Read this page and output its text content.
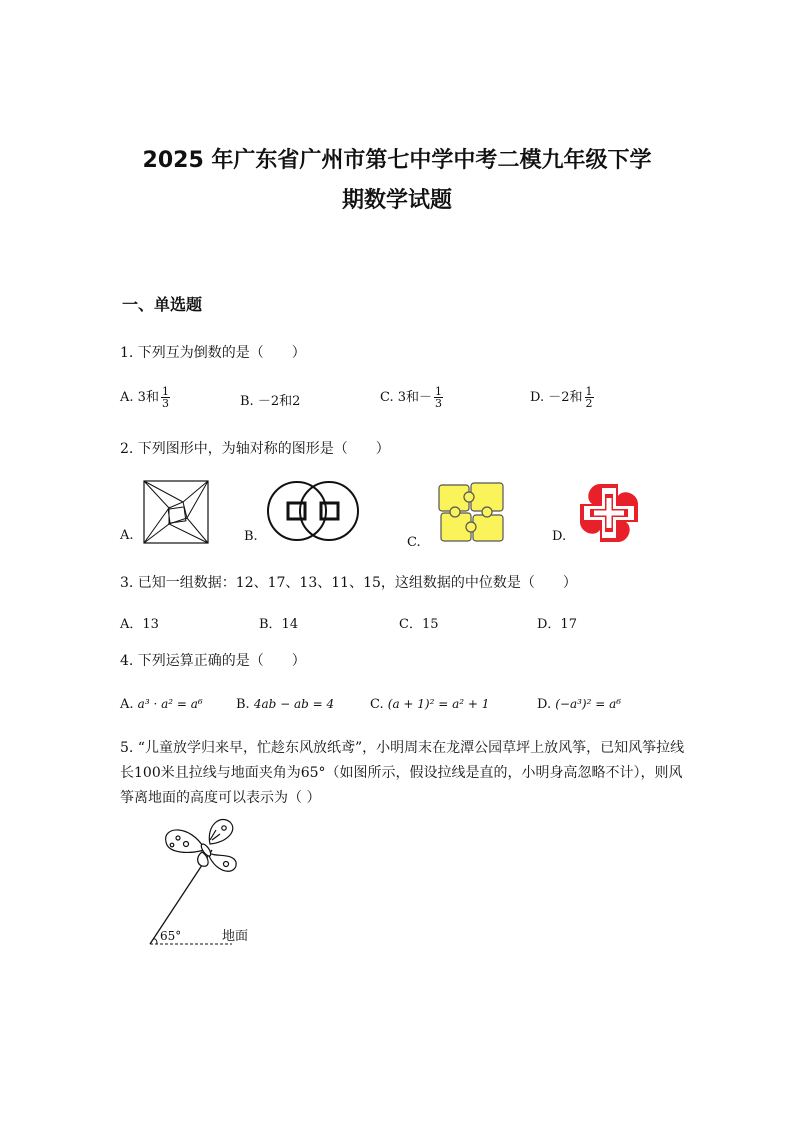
2025 年广东省广州市第七中学中考二模九年级下学
期数学试题
一、单选题
1. 下列互为倒数的是（　　）
A. 3和 $\frac{1}{3}$	B. －2和2	C. 3和－ $\frac{1}{3}$	D. －2和 $\frac{1}{2}$
2. 下列图形中，为轴对称的图形是（　　）
A.	B.	C.	D.
3. 已知一组数据：12、17、13、11、15，这组数据的中位数是（　　）
A．13	B．14	C．15	D．17
4. 下列运算正确的是（　　）
A. a³ · a² = a⁶	B. 4ab − ab = 4	C. (a + 1)² = a² + 1	D. (−a³)² = a⁶
5. “儿童放学归来早，忙趁东风放纸鸢”，小明周末在龙潭公园草坪上放风筝，已知风筝拉线长100米且拉线与地面夹角为65°（如图所示，假设拉线是直的，小明身高忽略不计），则风筝离地面的高度可以表示为（ ）
65°	地面
